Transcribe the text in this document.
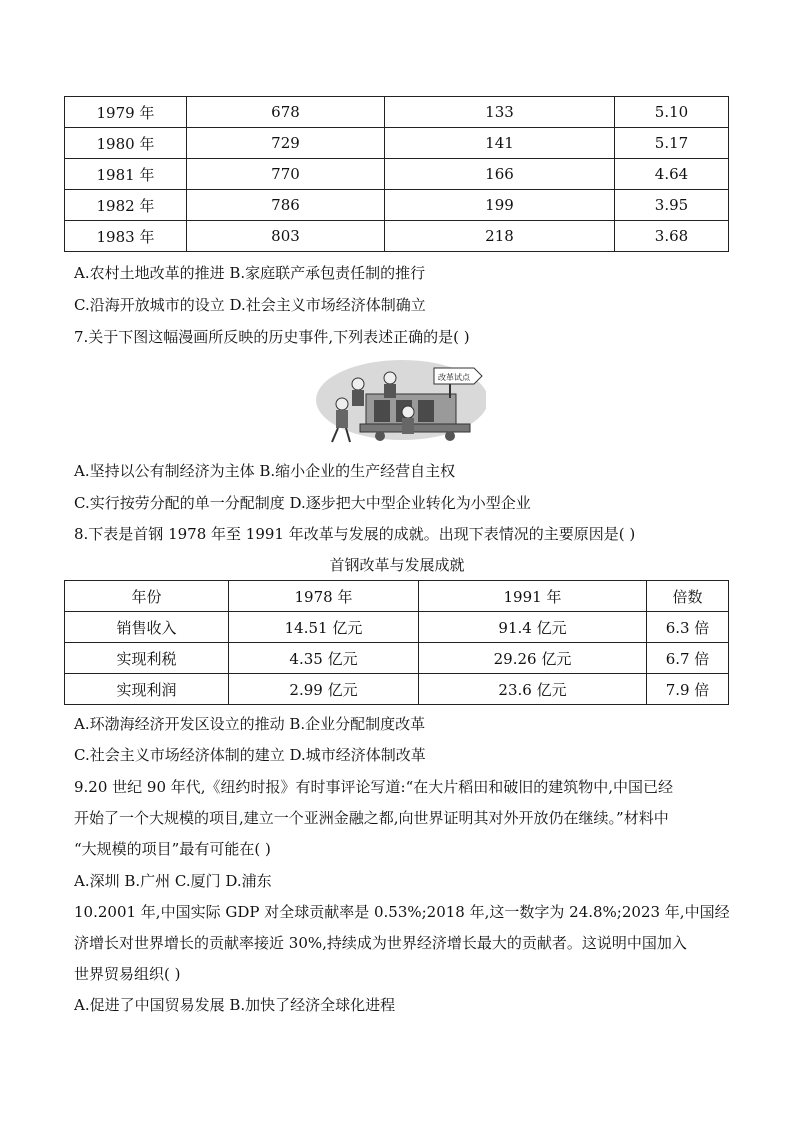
1979 年	678	133	5.10
1980 年	729	141	5.17
1981 年	770	166	4.64
1982 年	786	199	3.95
1983 年	803	218	3.68
A.农村土地改革的推进 B.家庭联产承包责任制的推行
C.沿海开放城市的设立 D.社会主义市场经济体制确立
7.关于下图这幅漫画所反映的历史事件,下列表述正确的是( )
改革试点
A.坚持以公有制经济为主体 B.缩小企业的生产经营自主权
C.实行按劳分配的单一分配制度 D.逐步把大中型企业转化为小型企业
8.下表是首钢 1978 年至 1991 年改革与发展的成就。出现下表情况的主要原因是( )
首钢改革与发展成就
年份	1978 年	1991 年	倍数
销售收入	14.51 亿元	91.4 亿元	6.3 倍
实现利税	4.35 亿元	29.26 亿元	6.7 倍
实现利润	2.99 亿元	23.6 亿元	7.9 倍
A.环渤海经济开发区设立的推动 B.企业分配制度改革
C.社会主义市场经济体制的建立 D.城市经济体制改革
9.20 世纪 90 年代,《纽约时报》有时事评论写道:“在大片稻田和破旧的建筑物中,中国已经
开始了一个大规模的项目,建立一个亚洲金融之都,向世界证明其对外开放仍在继续。”材料中
“大规模的项目”最有可能在( )
A.深圳 B.广州 C.厦门 D.浦东
10.2001 年,中国实际 GDP 对全球贡献率是 0.53%;2018 年,这一数字为 24.8%;2023 年,中国经
济增长对世界增长的贡献率接近 30%,持续成为世界经济增长最大的贡献者。这说明中国加入
世界贸易组织( )
A.促进了中国贸易发展 B.加快了经济全球化进程
